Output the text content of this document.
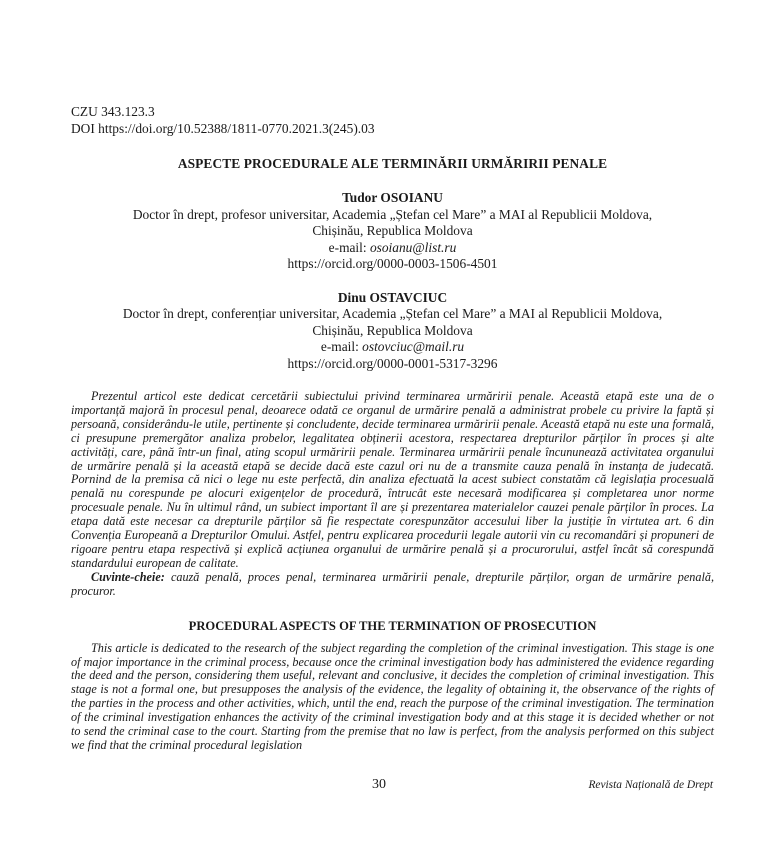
CZU 343.123.3

DOI https://doi.org/10.52388/1811-0770.2021.3(245).03

ASPECTE PROCEDURALE ALE TERMINĂRII URMĂRIRII PENALE
Tudor OSOIANU
Doctor în drept, profesor universitar, Academia „Ștefan cel Mare” a MAI al Republicii Moldova,
Chișinău, Republica Moldova
e-mail: osoianu@list.ru
https://orcid.org/0000-0003-1506-4501
Dinu OSTAVCIUC
Doctor în drept, conferențiar universitar, Academia „Ștefan cel Mare” a MAI al Republicii Moldova,
Chișinău, Republica Moldova
e-mail: ostovciuc@mail.ru
https://orcid.org/0000-0001-5317-3296

Prezentul articol este dedicat cercetării subiectului privind terminarea urmăririi penale. Această etapă este una de o importanță majoră în procesul penal, deoarece odată ce organul de urmărire penală a administrat probele cu privire la faptă și persoană, considerându-le utile, pertinente și concludente, decide terminarea urmăririi penale. Această etapă nu este una formală, ci presupune premergător analiza probelor, legalitatea obținerii acestora, respectarea drepturilor părților în proces și alte activități, care, până într-un final, ating scopul urmăririi penale. Terminarea urmăririi penale încununează activitatea organului de urmărire penală și la această etapă se decide dacă este cazul ori nu de a transmite cauza penală în instanța de judecată. Pornind de la premisa că nici o lege nu este perfectă, din analiza efectuată la acest subiect constatăm că legislația procesuală penală nu corespunde pe alocuri exigențelor de procedură, întrucât este necesară modificarea și completarea unor norme procesuale penale. Nu în ultimul rând, un subiect important îl are și prezentarea materialelor cauzei penale părților în proces. La etapa dată este necesar ca drepturile părților să fie respectate corespunzător accesului liber la justiție în virtutea art. 6 din Convenția Europeană a Drepturilor Omului. Astfel, pentru explicarea procedurii legale autorii vin cu recomandări și propuneri de rigoare pentru etapa respectivă și explică acțiunea organului de urmărire penală și a procurorului, astfel încât să corespundă standardului european de calitate.

Cuvinte-cheie: cauză penală, proces penal, terminarea urmăririi penale, drepturile părților, organ de urmărire penală, procuror.

PROCEDURAL ASPECTS OF THE TERMINATION OF PROSECUTION

This article is dedicated to the research of the subject regarding the completion of the criminal investigation. This stage is one of major importance in the criminal process, because once the criminal investigation body has administered the evidence regarding the deed and the person, considering them useful, relevant and conclusive, it decides the completion of criminal investigation. This stage is not a formal one, but presupposes the analysis of the evidence, the legality of obtaining it, the observance of the rights of the parties in the process and other activities, which, until the end, reach the purpose of the criminal investigation. The termination of the criminal investigation enhances the activity of the criminal investigation body and at this stage it is decided whether or not to send the criminal case to the court. Starting from the premise that no law is perfect, from the analysis performed on this subject we find that the criminal procedural legislation

30	Revista Națională de Drept
